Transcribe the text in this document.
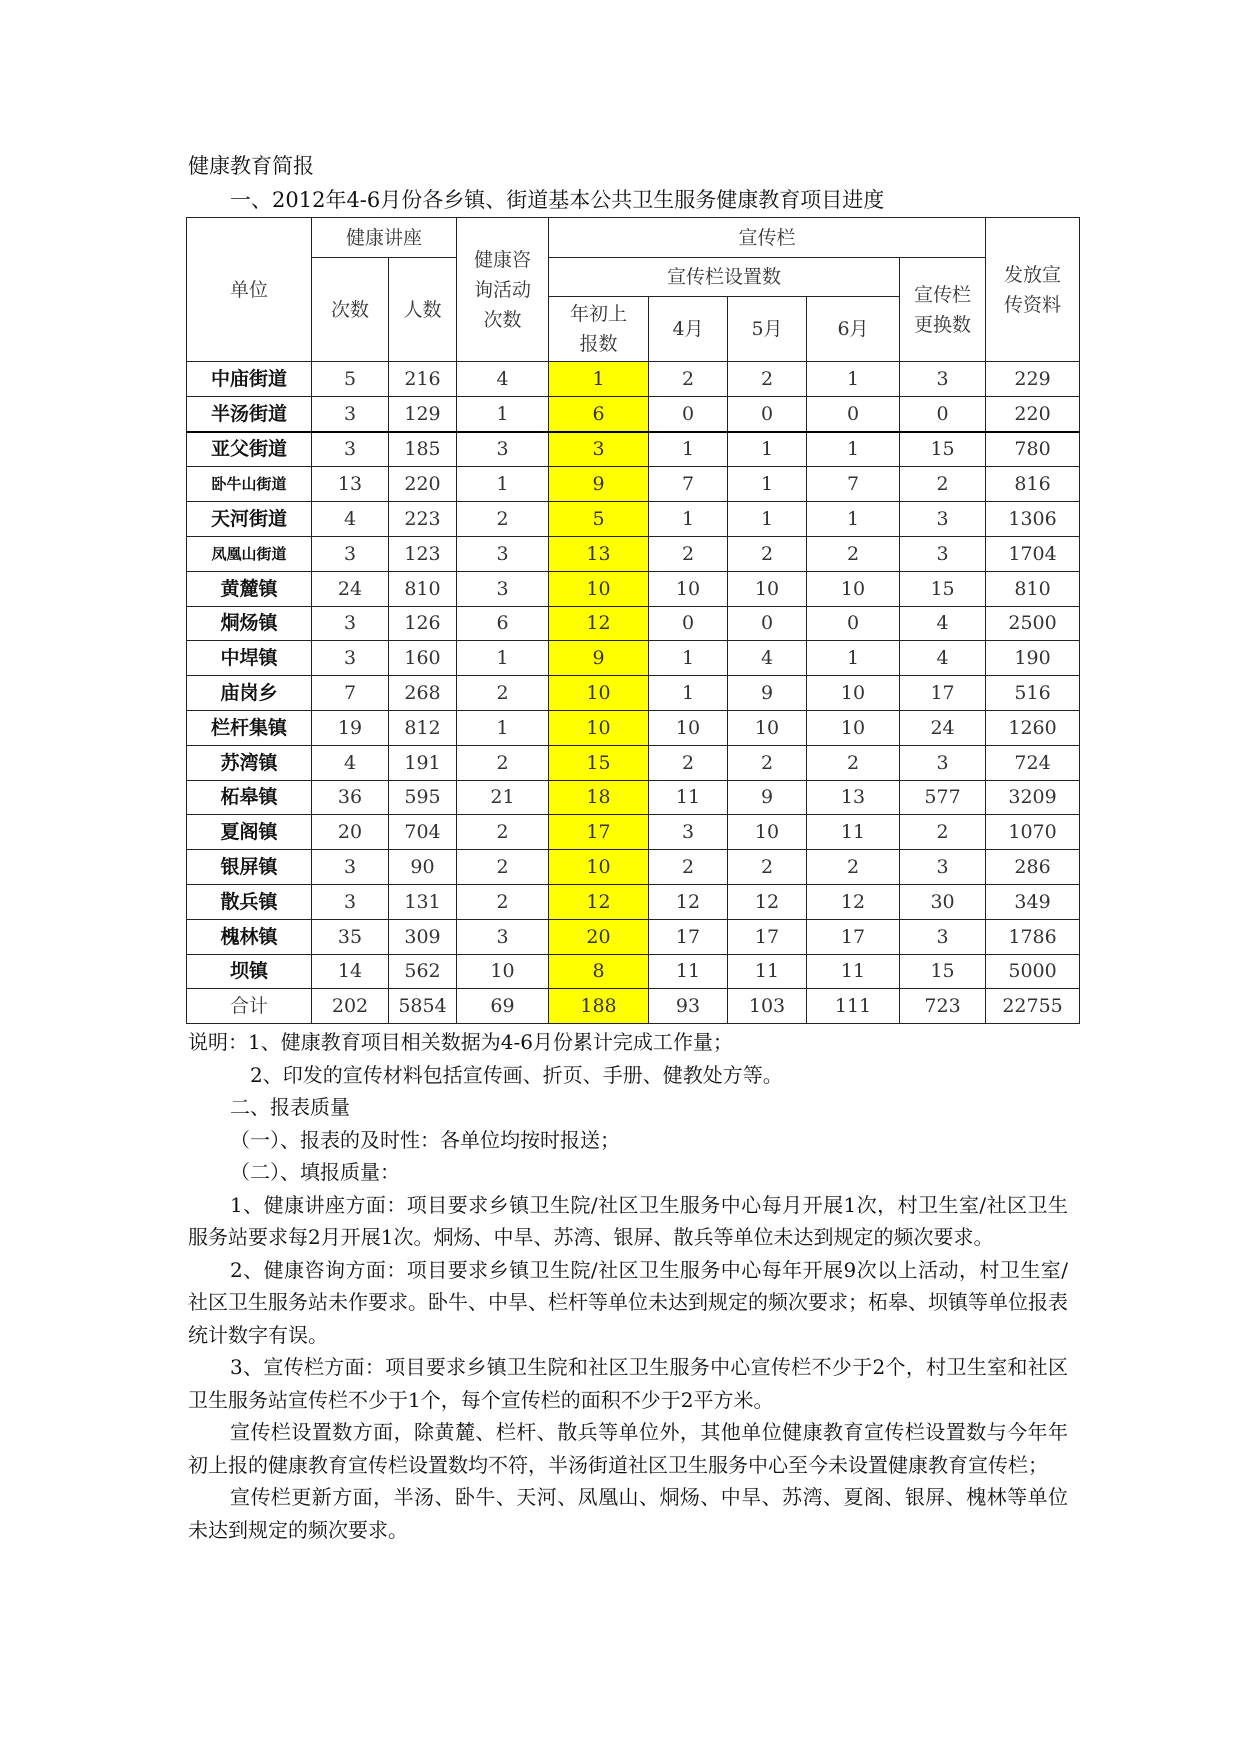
健康教育简报
一、2012年4-6月份各乡镇、街道基本公共卫生服务健康教育项目进度
单位	健康讲座		健康咨询活动次数	宣传栏					发放宣传资料
	次数	人数		宣传栏设置数				宣传栏更换数	
				年初上报数	4月	5月	6月		
中庙街道	5	216	4	1	2	2	1	3	229
半汤街道	3	129	1	6	0	0	0	0	220
亚父街道	3	185	3	3	1	1	1	15	780
卧牛山街道	13	220	1	9	7	1	7	2	816
天河街道	4	223	2	5	1	1	1	3	1306
凤凰山街道	3	123	3	13	2	2	2	3	1704
黄麓镇	24	810	3	10	10	10	10	15	810
烔炀镇	3	126	6	12	0	0	0	4	2500
中垾镇	3	160	1	9	1	4	1	4	190
庙岗乡	7	268	2	10	1	9	10	17	516
栏杆集镇	19	812	1	10	10	10	10	24	1260
苏湾镇	4	191	2	15	2	2	2	3	724
柘皋镇	36	595	21	18	11	9	13	577	3209
夏阁镇	20	704	2	17	3	10	11	2	1070
银屏镇	3	90	2	10	2	2	2	3	286
散兵镇	3	131	2	12	12	12	12	30	349
槐林镇	35	309	3	20	17	17	17	3	1786
坝镇	14	562	10	8	11	11	11	15	5000
合计	202	5854	69	188	93	103	111	723	22755

说明：1、健康教育项目相关数据为4-6月份累计完成工作量；

2、印发的宣传材料包括宣传画、折页、手册、健教处方等。

二、报表质量

（一）、报表的及时性：各单位均按时报送；

（二）、填报质量：

1、健康讲座方面：项目要求乡镇卫生院/社区卫生服务中心每月开展1次，村卫生室/社区卫生服务站要求每2月开展1次。烔炀、中旱、苏湾、银屏、散兵等单位未达到规定的频次要求。

2、健康咨询方面：项目要求乡镇卫生院/社区卫生服务中心每年开展9次以上活动，村卫生室/社区卫生服务站未作要求。卧牛、中旱、栏杆等单位未达到规定的频次要求；柘皋、坝镇等单位报表统计数字有误。

3、宣传栏方面：项目要求乡镇卫生院和社区卫生服务中心宣传栏不少于2个，村卫生室和社区卫生服务站宣传栏不少于1个，每个宣传栏的面积不少于2平方米。

宣传栏设置数方面，除黄麓、栏杆、散兵等单位外，其他单位健康教育宣传栏设置数与今年年初上报的健康教育宣传栏设置数均不符，半汤街道社区卫生服务中心至今未设置健康教育宣传栏；

宣传栏更新方面，半汤、卧牛、天河、凤凰山、烔炀、中旱、苏湾、夏阁、银屏、槐林等单位未达到规定的频次要求。
